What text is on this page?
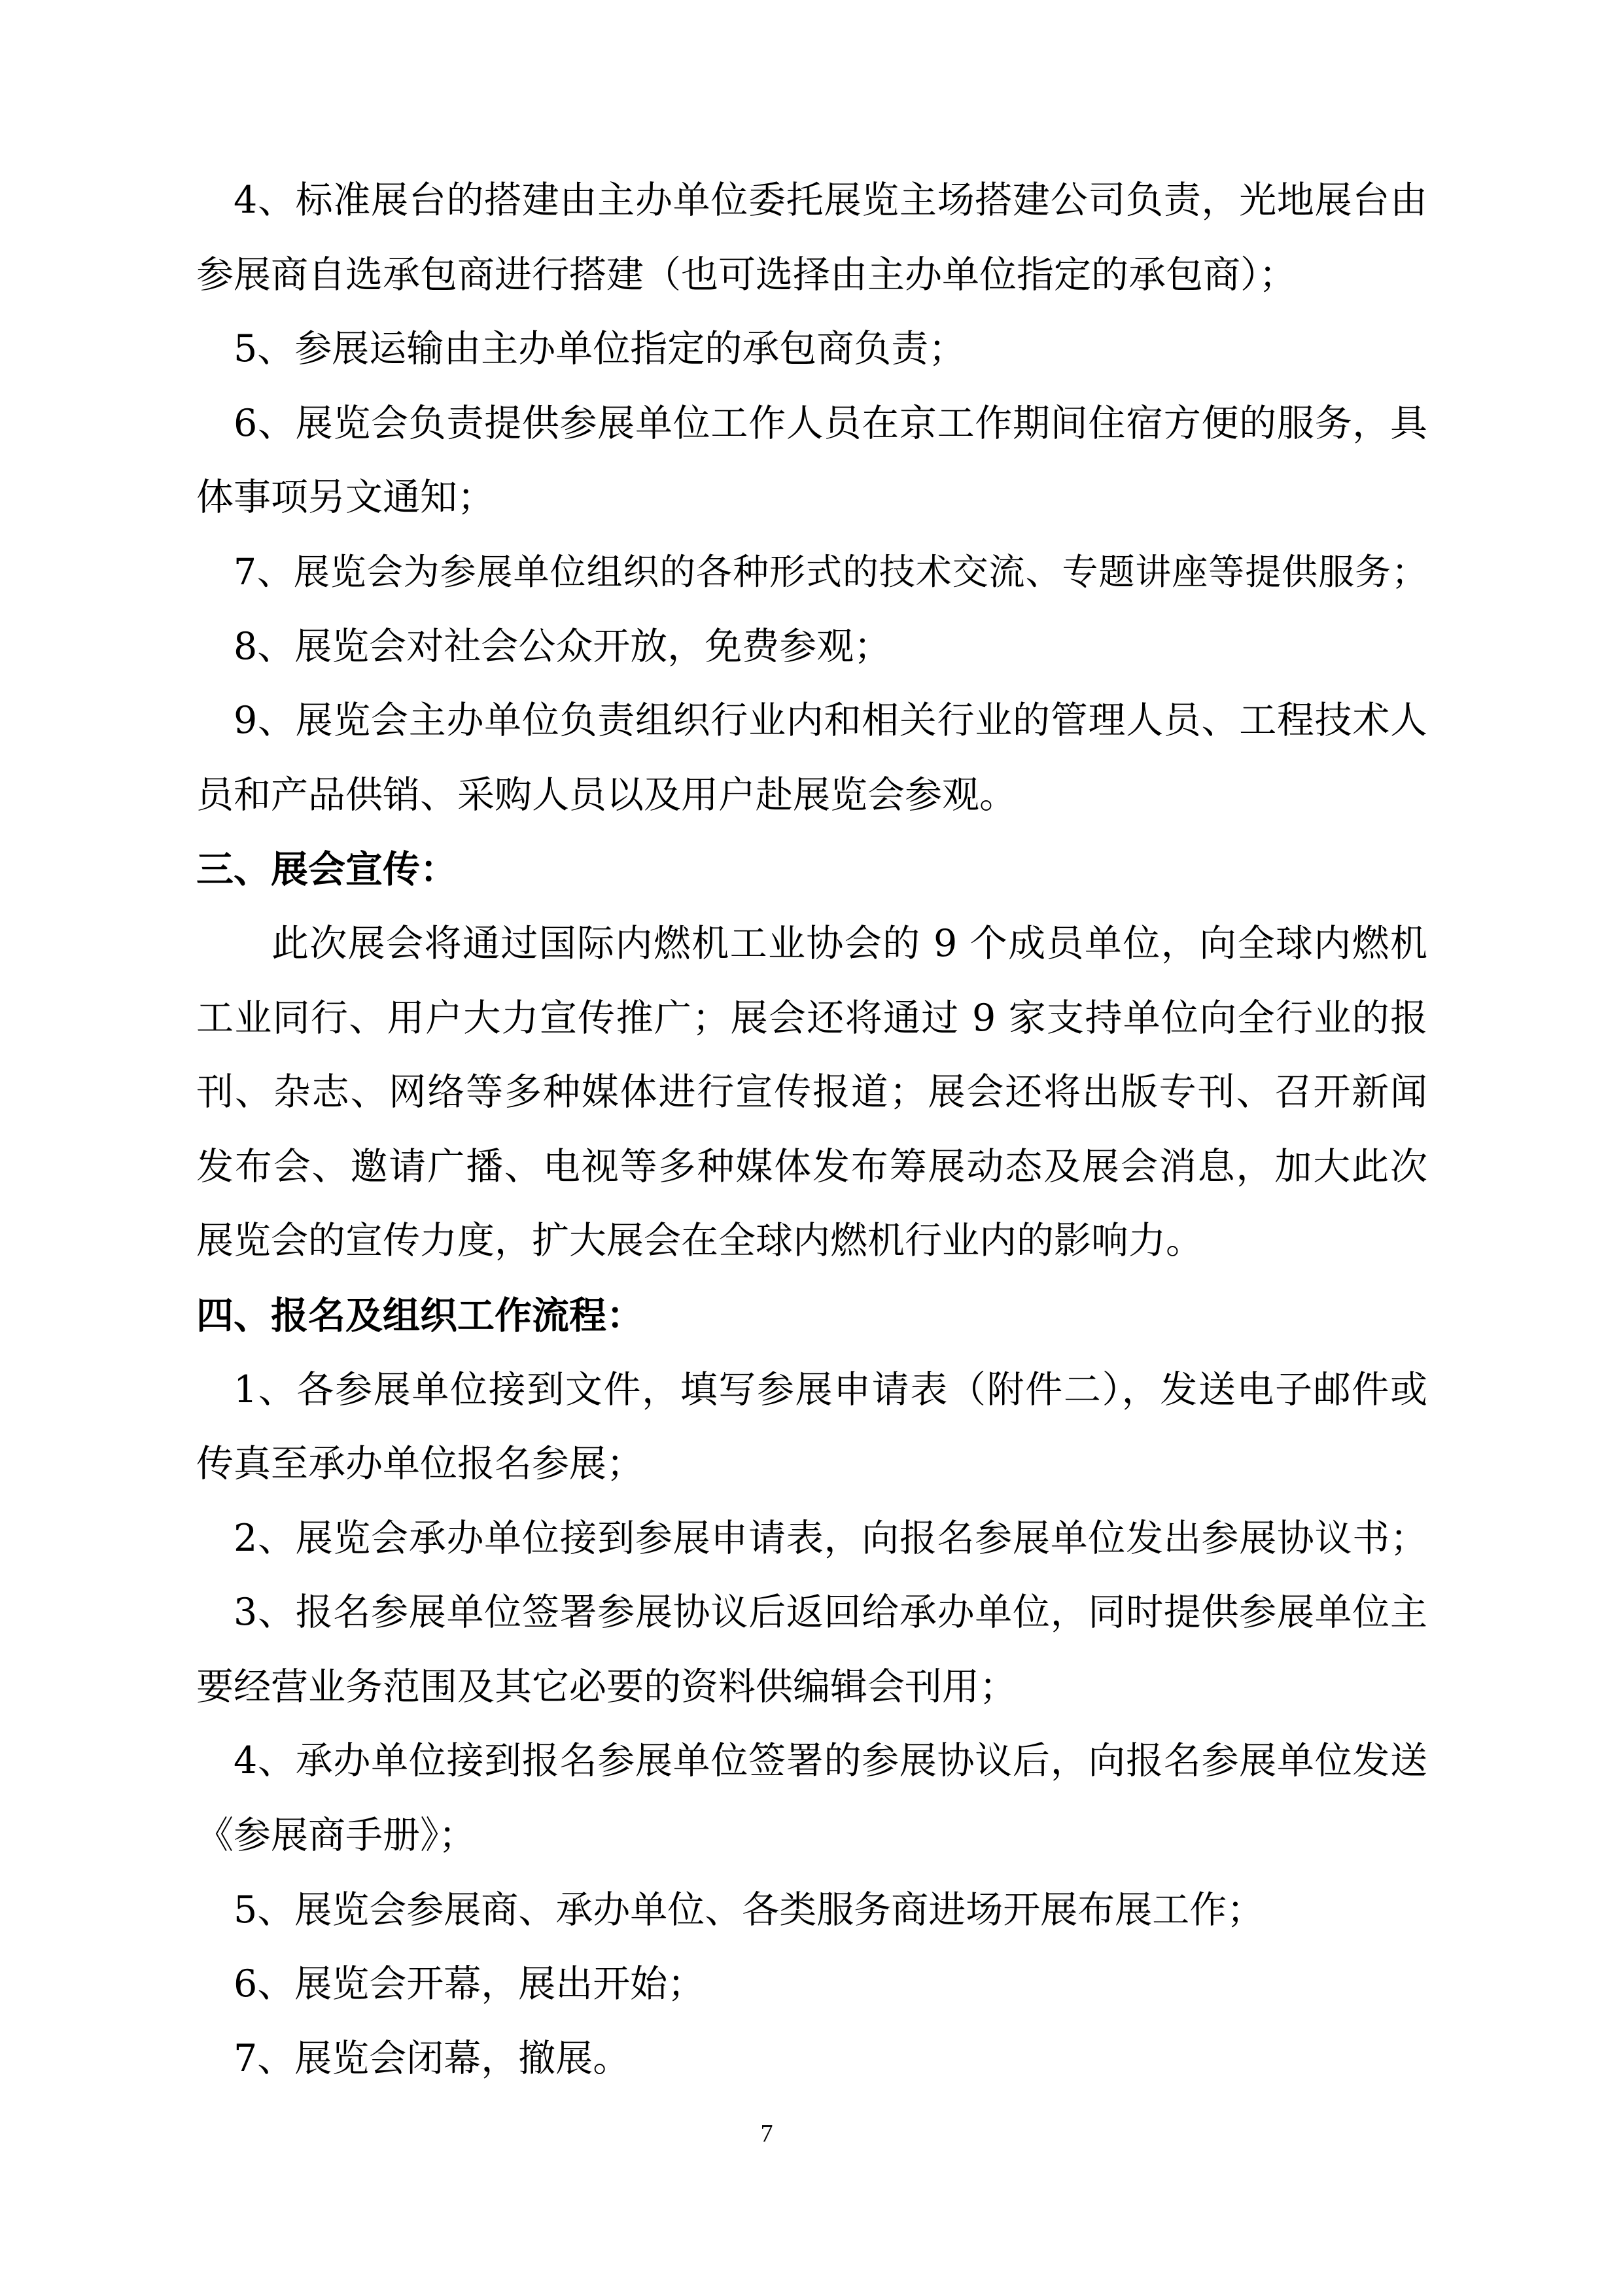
4、标准展台的搭建由主办单位委托展览主场搭建公司负责，光地展台由
参展商自选承包商进行搭建（也可选择由主办单位指定的承包商）；
5、参展运输由主办单位指定的承包商负责；
6、展览会负责提供参展单位工作人员在京工作期间住宿方便的服务，具
体事项另文通知；
7、展览会为参展单位组织的各种形式的技术交流、专题讲座等提供服务；
8、展览会对社会公众开放，免费参观；
9、展览会主办单位负责组织行业内和相关行业的管理人员、工程技术人
员和产品供销、采购人员以及用户赴展览会参观。
三、展会宣传：
此次展会将通过国际内燃机工业协会的 9 个成员单位，向全球内燃机
工业同行、用户大力宣传推广；展会还将通过 9 家支持单位向全行业的报
刊、杂志、网络等多种媒体进行宣传报道；展会还将出版专刊、召开新闻
发布会、邀请广播、电视等多种媒体发布筹展动态及展会消息，加大此次
展览会的宣传力度，扩大展会在全球内燃机行业内的影响力。
四、报名及组织工作流程：
1、各参展单位接到文件，填写参展申请表（附件二），发送电子邮件或
传真至承办单位报名参展；
2、展览会承办单位接到参展申请表，向报名参展单位发出参展协议书；
3、报名参展单位签署参展协议后返回给承办单位，同时提供参展单位主
要经营业务范围及其它必要的资料供编辑会刊用；
4、承办单位接到报名参展单位签署的参展协议后，向报名参展单位发送
《参展商手册》；
5、展览会参展商、承办单位、各类服务商进场开展布展工作；
6、展览会开幕，展出开始；
7、展览会闭幕，撤展。
7
